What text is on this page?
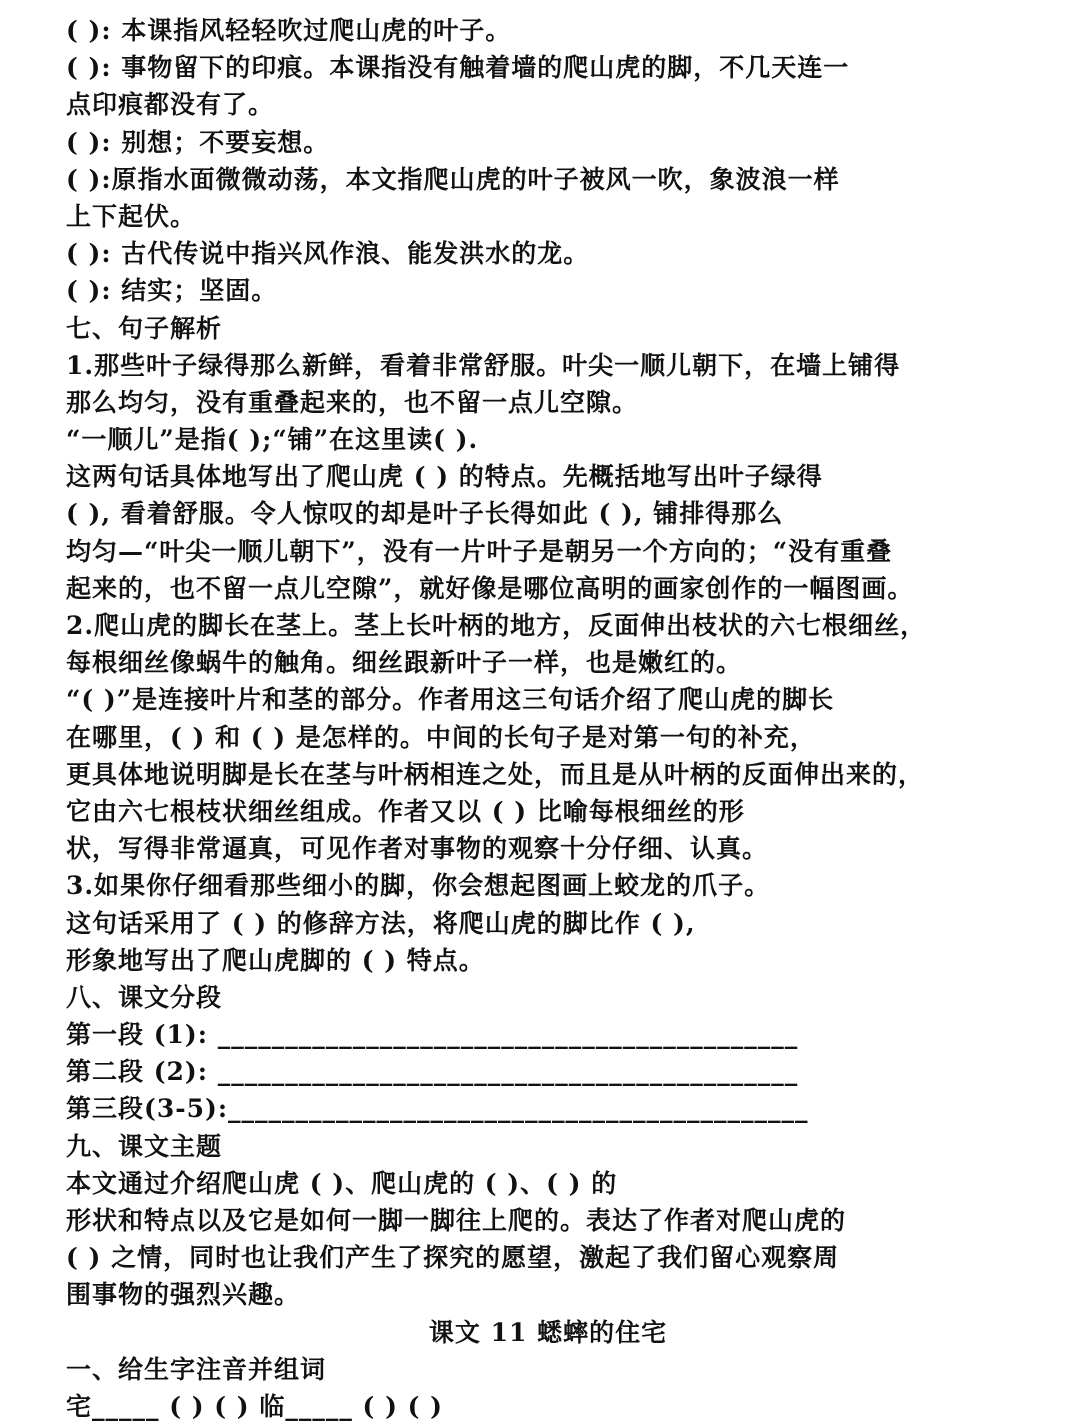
( ): 本课指风轻轻吹过爬山虎的叶子。
( ): 事物留下的印痕。本课指没有触着墙的爬山虎的脚，不几天连一
点印痕都没有了。
( ): 别想；不要妄想。
( ):原指水面微微动荡，本文指爬山虎的叶子被风一吹，象波浪一样
上下起伏。
( ): 古代传说中指兴风作浪、能发洪水的龙。
( ): 结实；坚固。
七、句子解析
1.那些叶子绿得那么新鲜，看着非常舒服。叶尖一顺儿朝下，在墙上铺得
那么均匀，没有重叠起来的，也不留一点儿空隙。
“一顺儿”是指( );“铺”在这里读( ).
这两句话具体地写出了爬山虎 ( ) 的特点。先概括地写出叶子绿得
( ), 看着舒服。令人惊叹的却是叶子长得如此 ( ), 铺排得那么
均匀—“叶尖一顺儿朝下”，没有一片叶子是朝另一个方向的；“没有重叠
起来的，也不留一点儿空隙”，就好像是哪位高明的画家创作的一幅图画。
2.爬山虎的脚长在茎上。茎上长叶柄的地方，反面伸出枝状的六七根细丝，
每根细丝像蜗牛的触角。细丝跟新叶子一样，也是嫩红的。
“( )”是连接叶片和茎的部分。作者用这三句话介绍了爬山虎的脚长
在哪里，( ) 和 ( ) 是怎样的。中间的长句子是对第一句的补充，
更具体地说明脚是长在茎与叶柄相连之处，而且是从叶柄的反面伸出来的，
它由六七根枝状细丝组成。作者又以 ( ) 比喻每根细丝的形
状，写得非常逼真，可见作者对事物的观察十分仔细、认真。
3.如果你仔细看那些细小的脚，你会想起图画上蛟龙的爪子。
这句话采用了 ( ) 的修辞方法，将爬山虎的脚比作 ( ),
形象地写出了爬山虎脚的 ( ) 特点。
八、课文分段
第一段 (1): ___________________________________________
第二段 (2): ___________________________________________
第三段(3-5):___________________________________________
九、课文主题
本文通过介绍爬山虎 ( )、爬山虎的 ( )、( ) 的
形状和特点以及它是如何一脚一脚往上爬的。表达了作者对爬山虎的
( ) 之情，同时也让我们产生了探究的愿望，激起了我们留心观察周
围事物的强烈兴趣。
课文 11 蟋蟀的住宅
一、给生字注音并组词
宅_____ ( ) ( ) 临_____ ( ) ( )
